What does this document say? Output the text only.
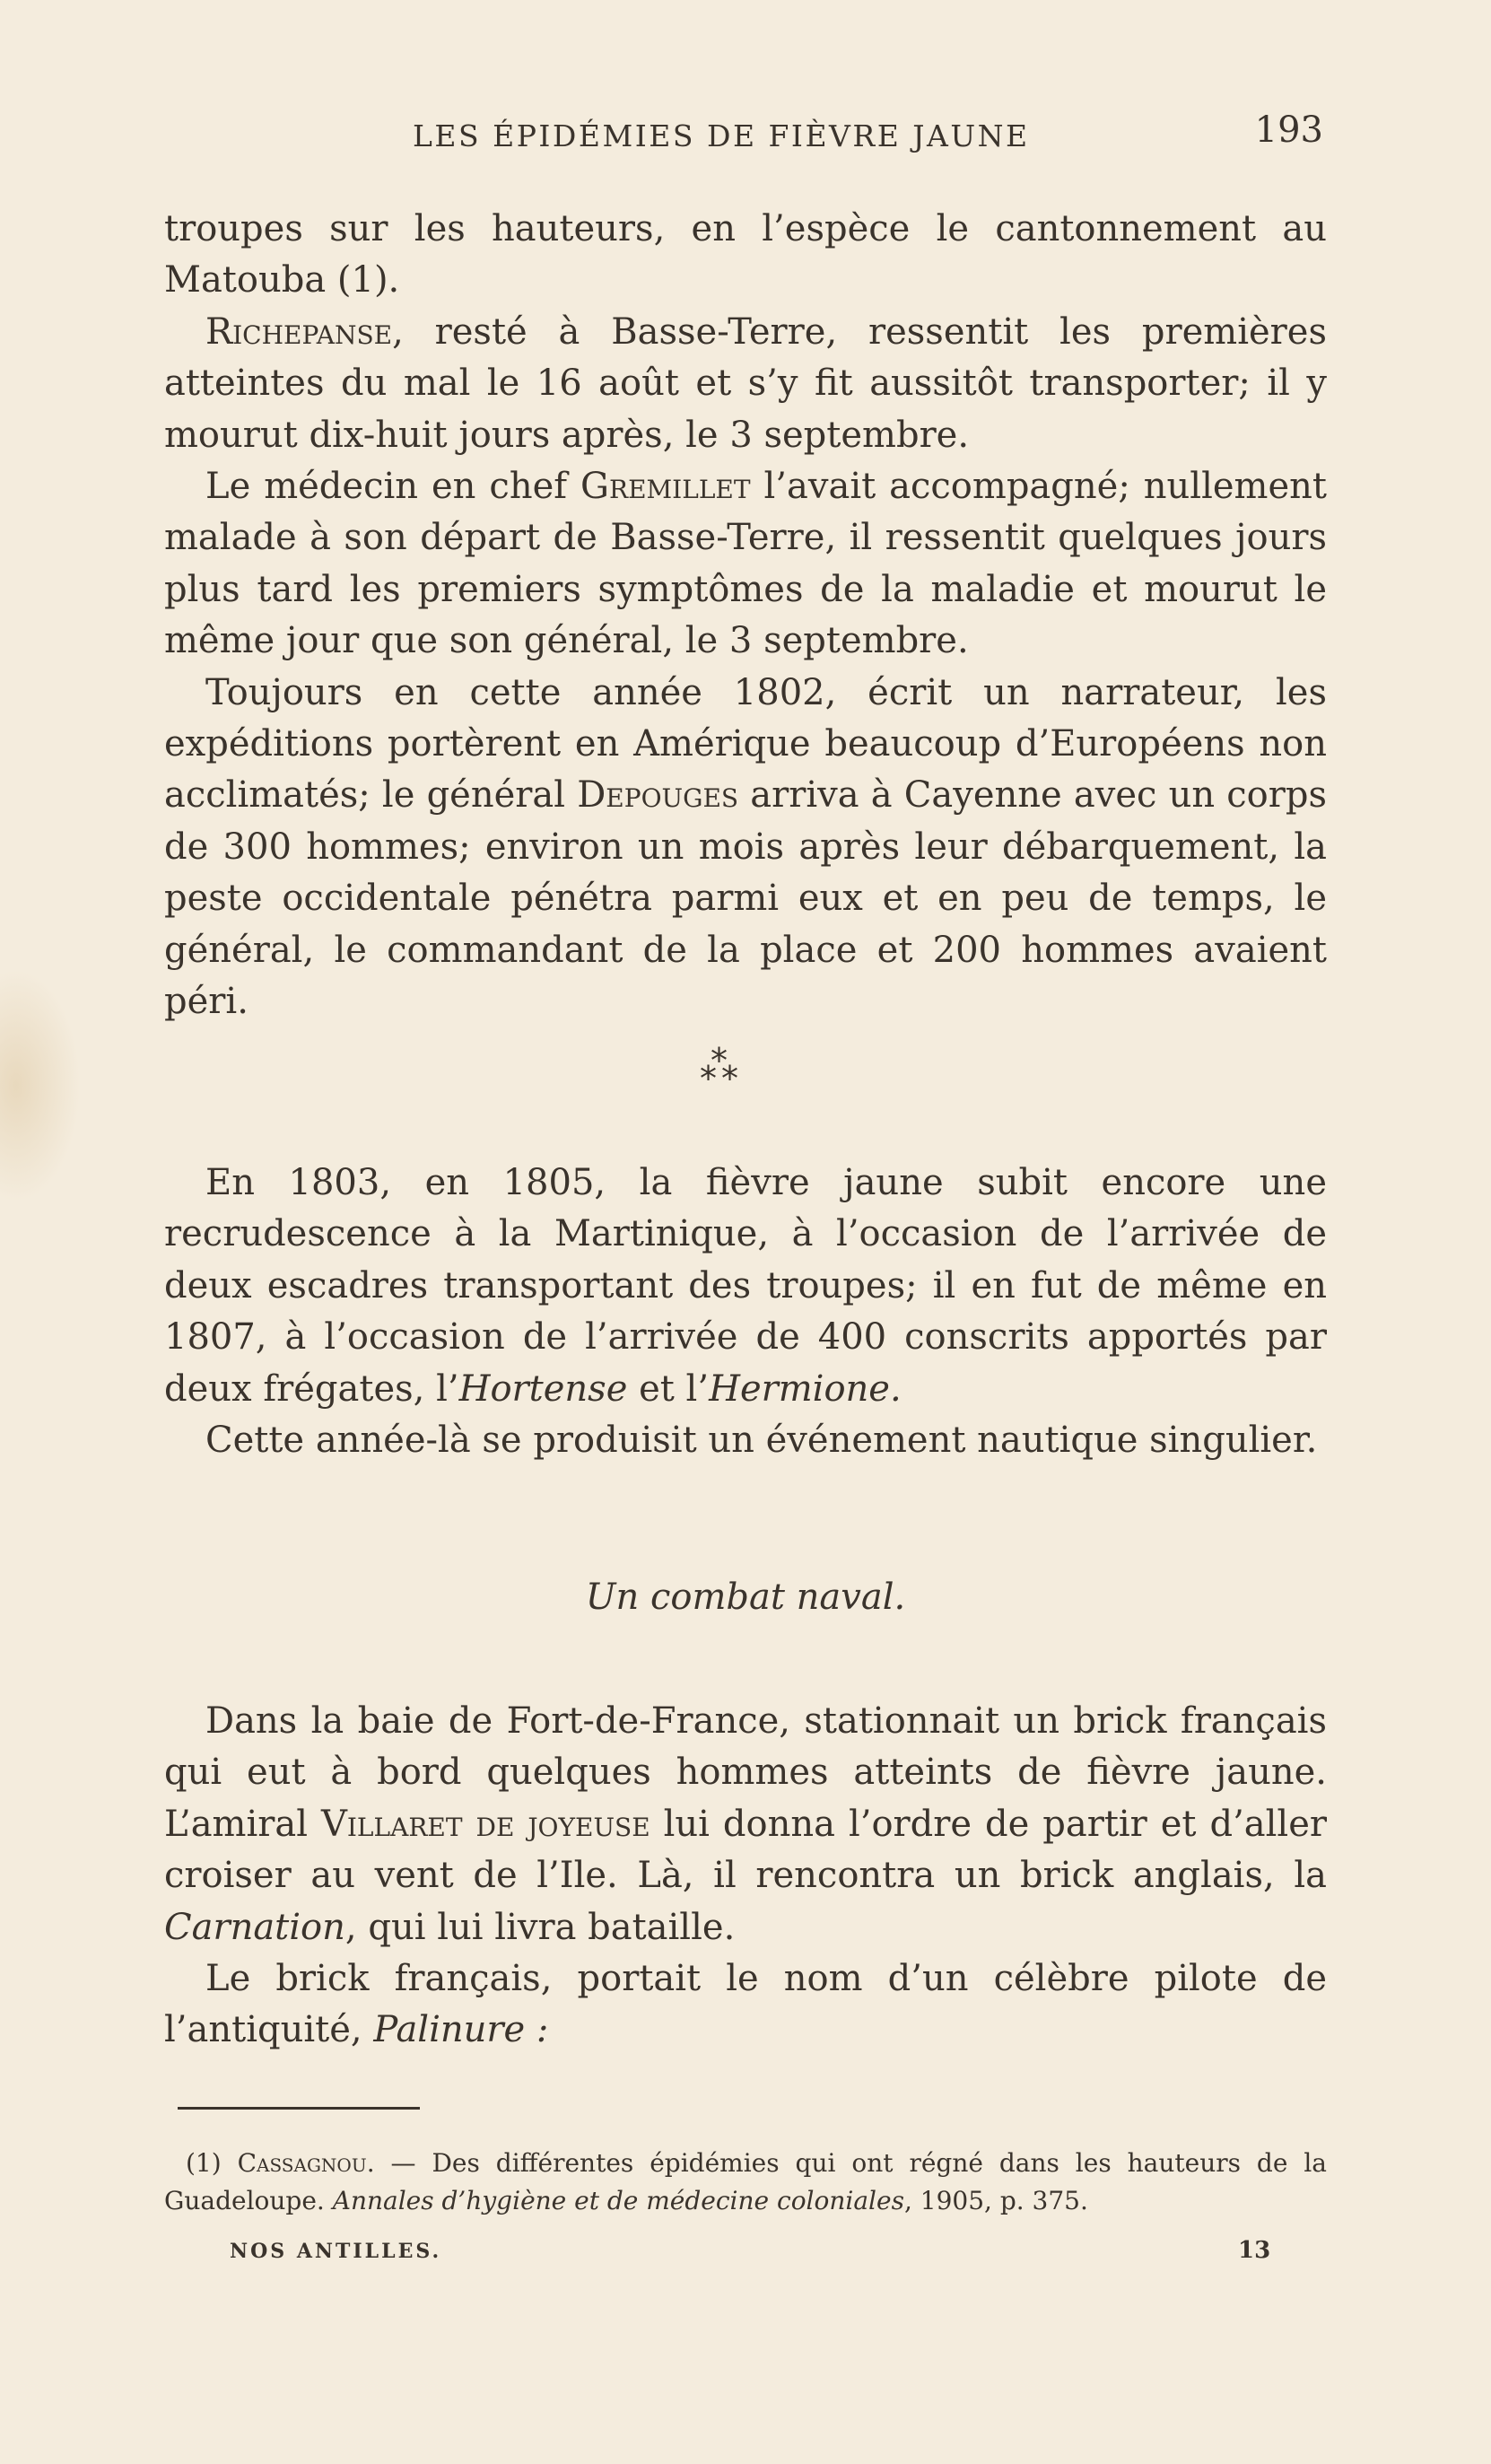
LES ÉPIDÉMIES DE FIÈVRE JAUNE	193

troupes sur les hauteurs, en l’espèce le cantonnement au Matouba (1).

Richepanse, resté à Basse-Terre, ressentit les premières atteintes du mal le 16 août et s’y fit aussitôt transporter; il y mourut dix-huit jours après, le 3 septembre.

Le médecin en chef Gremillet l’avait accompagné; nullement malade à son départ de Basse-Terre, il ressentit quelques jours plus tard les premiers symptômes de la maladie et mourut le même jour que son général, le 3 septembre.

Toujours en cette année 1802, écrit un narrateur, les expéditions portèrent en Amérique beaucoup d’Européens non acclimatés; le général Depouges arriva à Cayenne avec un corps de 300 hommes; environ un mois après leur débarquement, la peste occidentale pénétra parmi eux et en peu de temps, le général, le commandant de la place et 200 hommes avaient péri.

*
* *

En 1803, en 1805, la fièvre jaune subit encore une recrudescence à la Martinique, à l’occasion de l’arrivée de deux escadres transportant des troupes; il en fut de même en 1807, à l’occasion de l’arrivée de 400 conscrits apportés par deux frégates, l’Hortense et l’Hermione.

Cette année-là se produisit un événement nautique singulier.

Un combat naval.

Dans la baie de Fort-de-France, stationnait un brick français qui eut à bord quelques hommes atteints de fièvre jaune. L’amiral Villaret de joyeuse lui donna l’ordre de partir et d’aller croiser au vent de l’Ile. Là, il rencontra un brick anglais, la Carnation, qui lui livra bataille.

Le brick français, portait le nom d’un célèbre pilote de l’antiquité, Palinure :

(1) Cassagnou. — Des différentes épidémies qui ont régné dans les hauteurs de la Guadeloupe. Annales d’hygiène et de médecine coloniales, 1905, p. 375.

NOS ANTILLES.	13
